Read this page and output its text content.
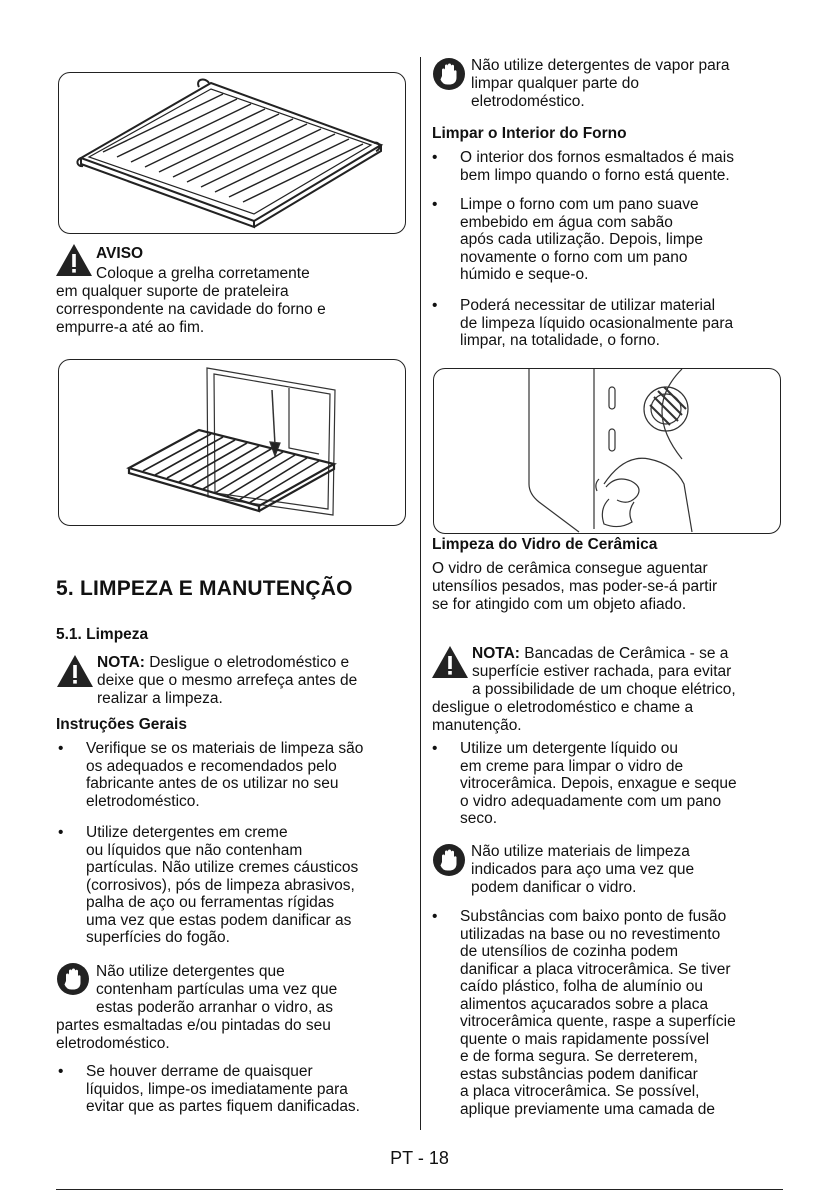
AVISO
Coloque a grelha corretamente
em qualquer suporte de prateleira
correspondente na cavidade do forno e
empurre-a até ao fim.
5. LIMPEZA E MANUTENÇÃO
5.1. Limpeza
NOTA: Desligue o eletrodoméstico e
deixe que o mesmo arrefeça antes de
realizar a limpeza.
Instruções Gerais
• Verifique se os materiais de limpeza são
os adequados e recomendados pelo
fabricante antes de os utilizar no seu
eletrodoméstico.
• Utilize detergentes em creme
ou líquidos que não contenham
partículas. Não utilize cremes cáusticos
(corrosivos), pós de limpeza abrasivos,
palha de aço ou ferramentas rígidas
uma vez que estas podem danificar as
superfícies do fogão.
Não utilize detergentes que
contenham partículas uma vez que
estas poderão arranhar o vidro, as
partes esmaltadas e/ou pintadas do seu
eletrodoméstico.
• Se houver derrame de quaisquer
líquidos, limpe-os imediatamente para
evitar que as partes fiquem danificadas.
Não utilize detergentes de vapor para
limpar qualquer parte do
eletrodoméstico.
Limpar o Interior do Forno
• O interior dos fornos esmaltados é mais
bem limpo quando o forno está quente.
• Limpe o forno com um pano suave
embebido em água com sabão
após cada utilização. Depois, limpe
novamente o forno com um pano
húmido e seque-o.
• Poderá necessitar de utilizar material
de limpeza líquido ocasionalmente para
limpar, na totalidade, o forno.
Limpeza do Vidro de Cerâmica
O vidro de cerâmica consegue aguentar
utensílios pesados, mas poder-se-á partir
se for atingido com um objeto afiado.
NOTA: Bancadas de Cerâmica - se a
superfície estiver rachada, para evitar
a possibilidade de um choque elétrico,
desligue o eletrodoméstico e chame a
manutenção.
• Utilize um detergente líquido ou
em creme para limpar o vidro de
vitrocerâmica. Depois, enxague e seque
o vidro adequadamente com um pano
seco.
Não utilize materiais de limpeza
indicados para aço uma vez que
podem danificar o vidro.
• Substâncias com baixo ponto de fusão
utilizadas na base ou no revestimento
de utensílios de cozinha podem
danificar a placa vitrocerâmica. Se tiver
caído plástico, folha de alumínio ou
alimentos açucarados sobre a placa
vitrocerâmica quente, raspe a superfície
quente o mais rapidamente possível
e de forma segura. Se derreterem,
estas substâncias podem danificar
a placa vitrocerâmica. Se possível,
aplique previamente uma camada de
PT - 18
